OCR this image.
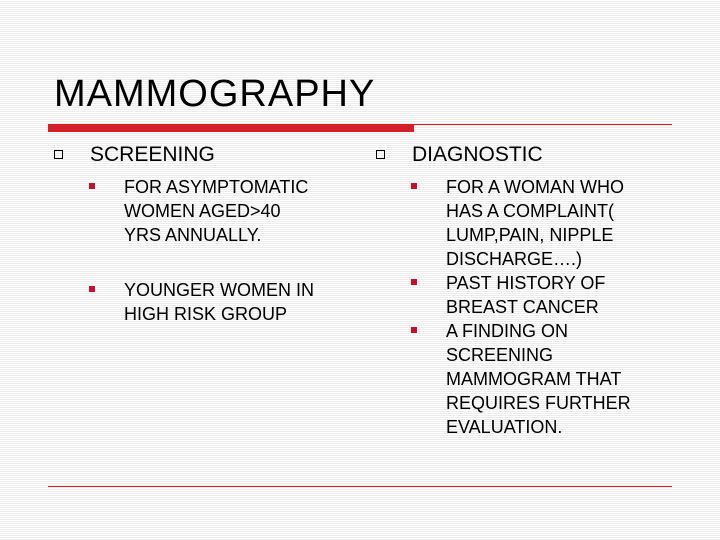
MAMMOGRAPHY
SCREENING
FOR ASYMPTOMATIC
WOMEN AGED>40
YRS ANNUALLY.
YOUNGER WOMEN IN
HIGH RISK GROUP
DIAGNOSTIC
FOR A WOMAN WHO
HAS A COMPLAINT(
LUMP,PAIN, NIPPLE
DISCHARGE….)
PAST HISTORY OF
BREAST CANCER
A FINDING ON
SCREENING
MAMMOGRAM THAT
REQUIRES FURTHER
EVALUATION.
